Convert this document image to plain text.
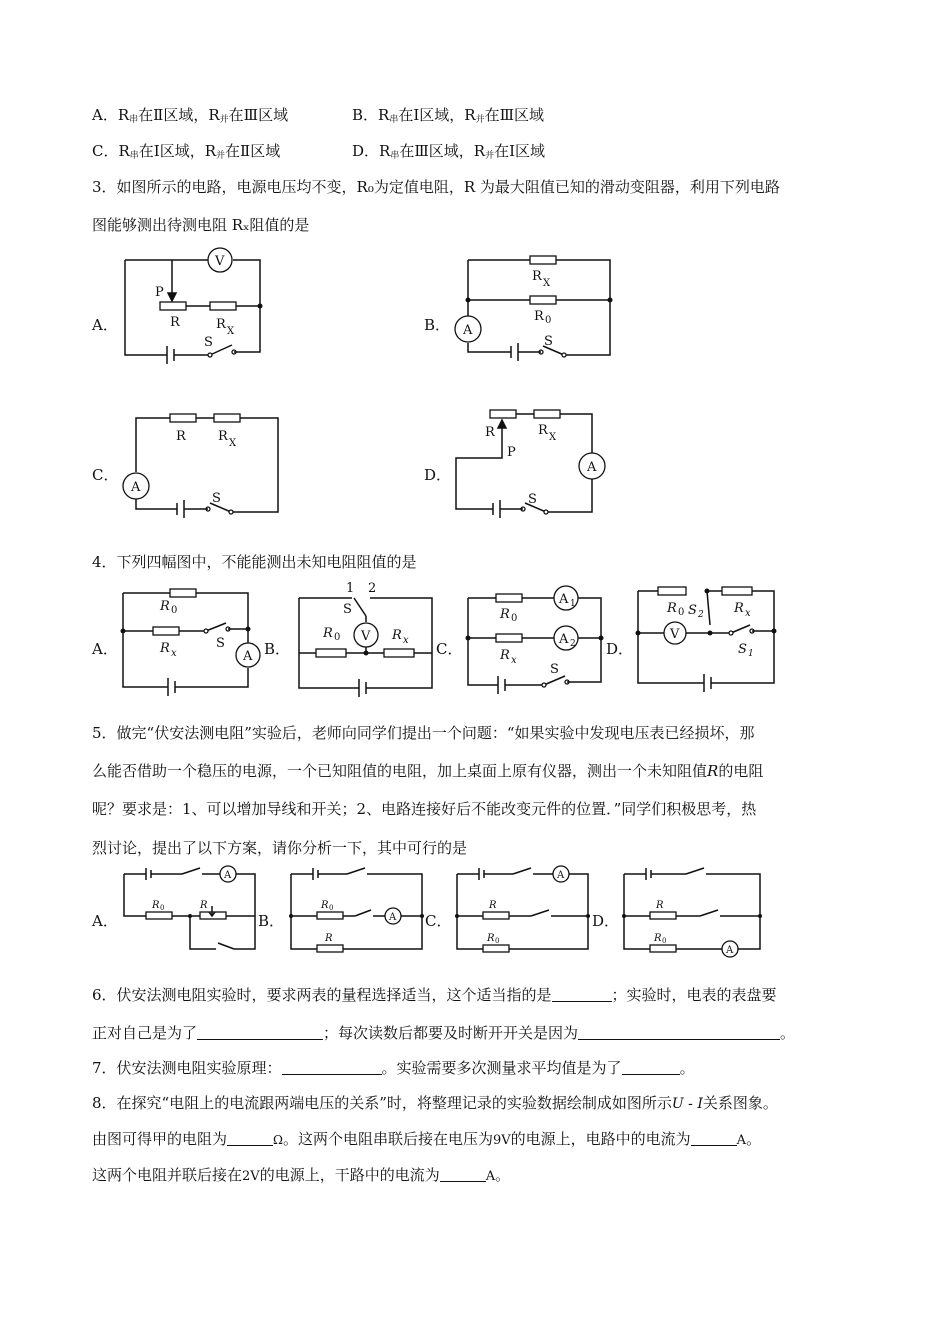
A．$R_串$在Ⅱ区域，$R_并$在Ⅲ区域	B．$R_串$在Ⅰ区域，$R_并$在Ⅲ区域
C．$R_串$在Ⅰ区域，$R_并$在Ⅱ区域	D．$R_串$在Ⅲ区域，$R_并$在Ⅰ区域
3．如图所示的电路，电源电压均不变，R₀为定值电阻，R 为最大阻值已知的滑动变阻器，利用下列电路
图能够测出待测电阻 Rₓ阻值的是
A．
V
P
R	R X
S
B． A
R X
R 0
S
C．
A
R R X
S
D．	A
R
P
R X
S
4．下列四幅图中，不能能测出未知电阻阻值的是
A．	A
R 0
R x
S	B．
1 2
S
V
R 0	R x C．
A 1
A 2
R 0
R x
S
D．
V
R 0 S 2 R x
S 1
5．做完“伏安法测电阻”实验后，老师向同学们提出一个问题：“如果实验中发现电压表已经损坏，那
么能否借助一个稳压的电源，一个已知阻值的电阻，加上桌面上原有仪器，测出一个未知阻值R的电阻
呢？要求是：1、可以增加导线和开关；2、电路连接好后不能改变元件的位置．”同学们积极思考，热
烈讨论，提出了以下方案，请你分析一下，其中可行的是
A．
A
R 0	R
B．	A
R 0
R
C．
A
R
R 0
D．
A
R
R 0
6．伏安法测电阻实验时，要求两表的量程选择适当，这个适当指的是	；实验时，电表的表盘要
正对自己是为了	；每次读数后都要及时断开开关是因为	。
7．伏安法测电阻实验原理：	。实验需要多次测量求平均值是为了	。
8．在探究“电阻上的电流跟两端电压的关系”时，将整理记录的实验数据绘制成如图所示U - I关系图象。
由图可得甲的电阻为	Ω。这两个电阻串联后接在电压为9V的电源上，电路中的电流为	A。
这两个电阻并联后接在2V的电源上，干路中的电流为	A。
